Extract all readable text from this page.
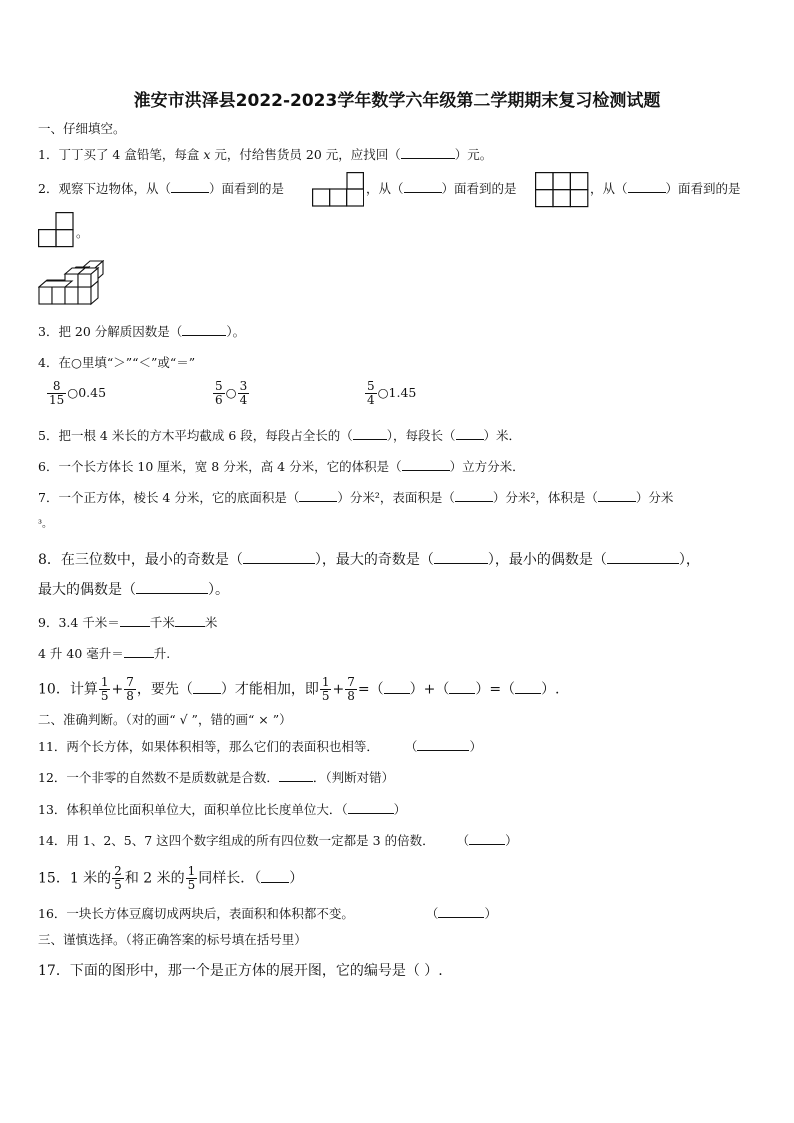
淮安市洪泽县2022-2023学年数学六年级第二学期期末复习检测试题
一、仔细填空。
1．丁丁买了 4 盒铅笔，每盒 x 元，付给售货员 20 元，应找回（	）元。
2．观察下边物体，从（	）面看到的是	，从（	）面看到的是	，从（	）面看到的是
。
3．把 20 分解质因数是（	）。
4．在○里填“＞”“＜”或“＝”
$\frac{8}{15}$ ○0.45	$\frac{5}{6}$ ○ $\frac{3}{4}$	$\frac{5}{4}$ ○1.45
5．把一根 4 米长的方木平均截成 6 段，每段占全长的（	），每段长（ ）米．
6．一个长方体长 10 厘米，宽 8 分米，高 4 分米，它的体积是（	）立方分米．
7．一个正方体，棱长 4 分米，它的底面积是（	）分米²，表面积是（	）分米²，体积是（	）分米
³。
8．在三位数中，最小的奇数是（	），最大的奇数是（	），最小的偶数是（	），
最大的偶数是（	）。
9．3.4 千米＝ 千米 米
4 升 40 毫升＝ 升.
10．计算 $\frac{1}{5} + \frac{7}{8}$ ，要先（ ）才能相加，即 $\frac{1}{5} + \frac{7}{8}$ =（ ）+（ ）=（ ）.
二、准确判断。（对的画“ √ ”，错的画“ × ”）
11．两个长方体，如果体积相等，那么它们的表面积也相等． （	）
12．一个非零的自然数不是质数就是合数．	．（判断对错）
13．体积单位比面积单位大，面积单位比长度单位大．（	）
14．用 1、2、5、7 这四个数字组成的所有四位数一定都是 3 的倍数． （	）
15．1 米的 $\frac{2}{5}$ 和 2 米的 $\frac{1}{5}$ 同样长．（ ）
16．一块长方体豆腐切成两块后，表面积和体积都不变。	（	）
三、谨慎选择。（将正确答案的标号填在括号里）
17．下面的图形中，那一个是正方体的展开图，它的编号是（ ）.
